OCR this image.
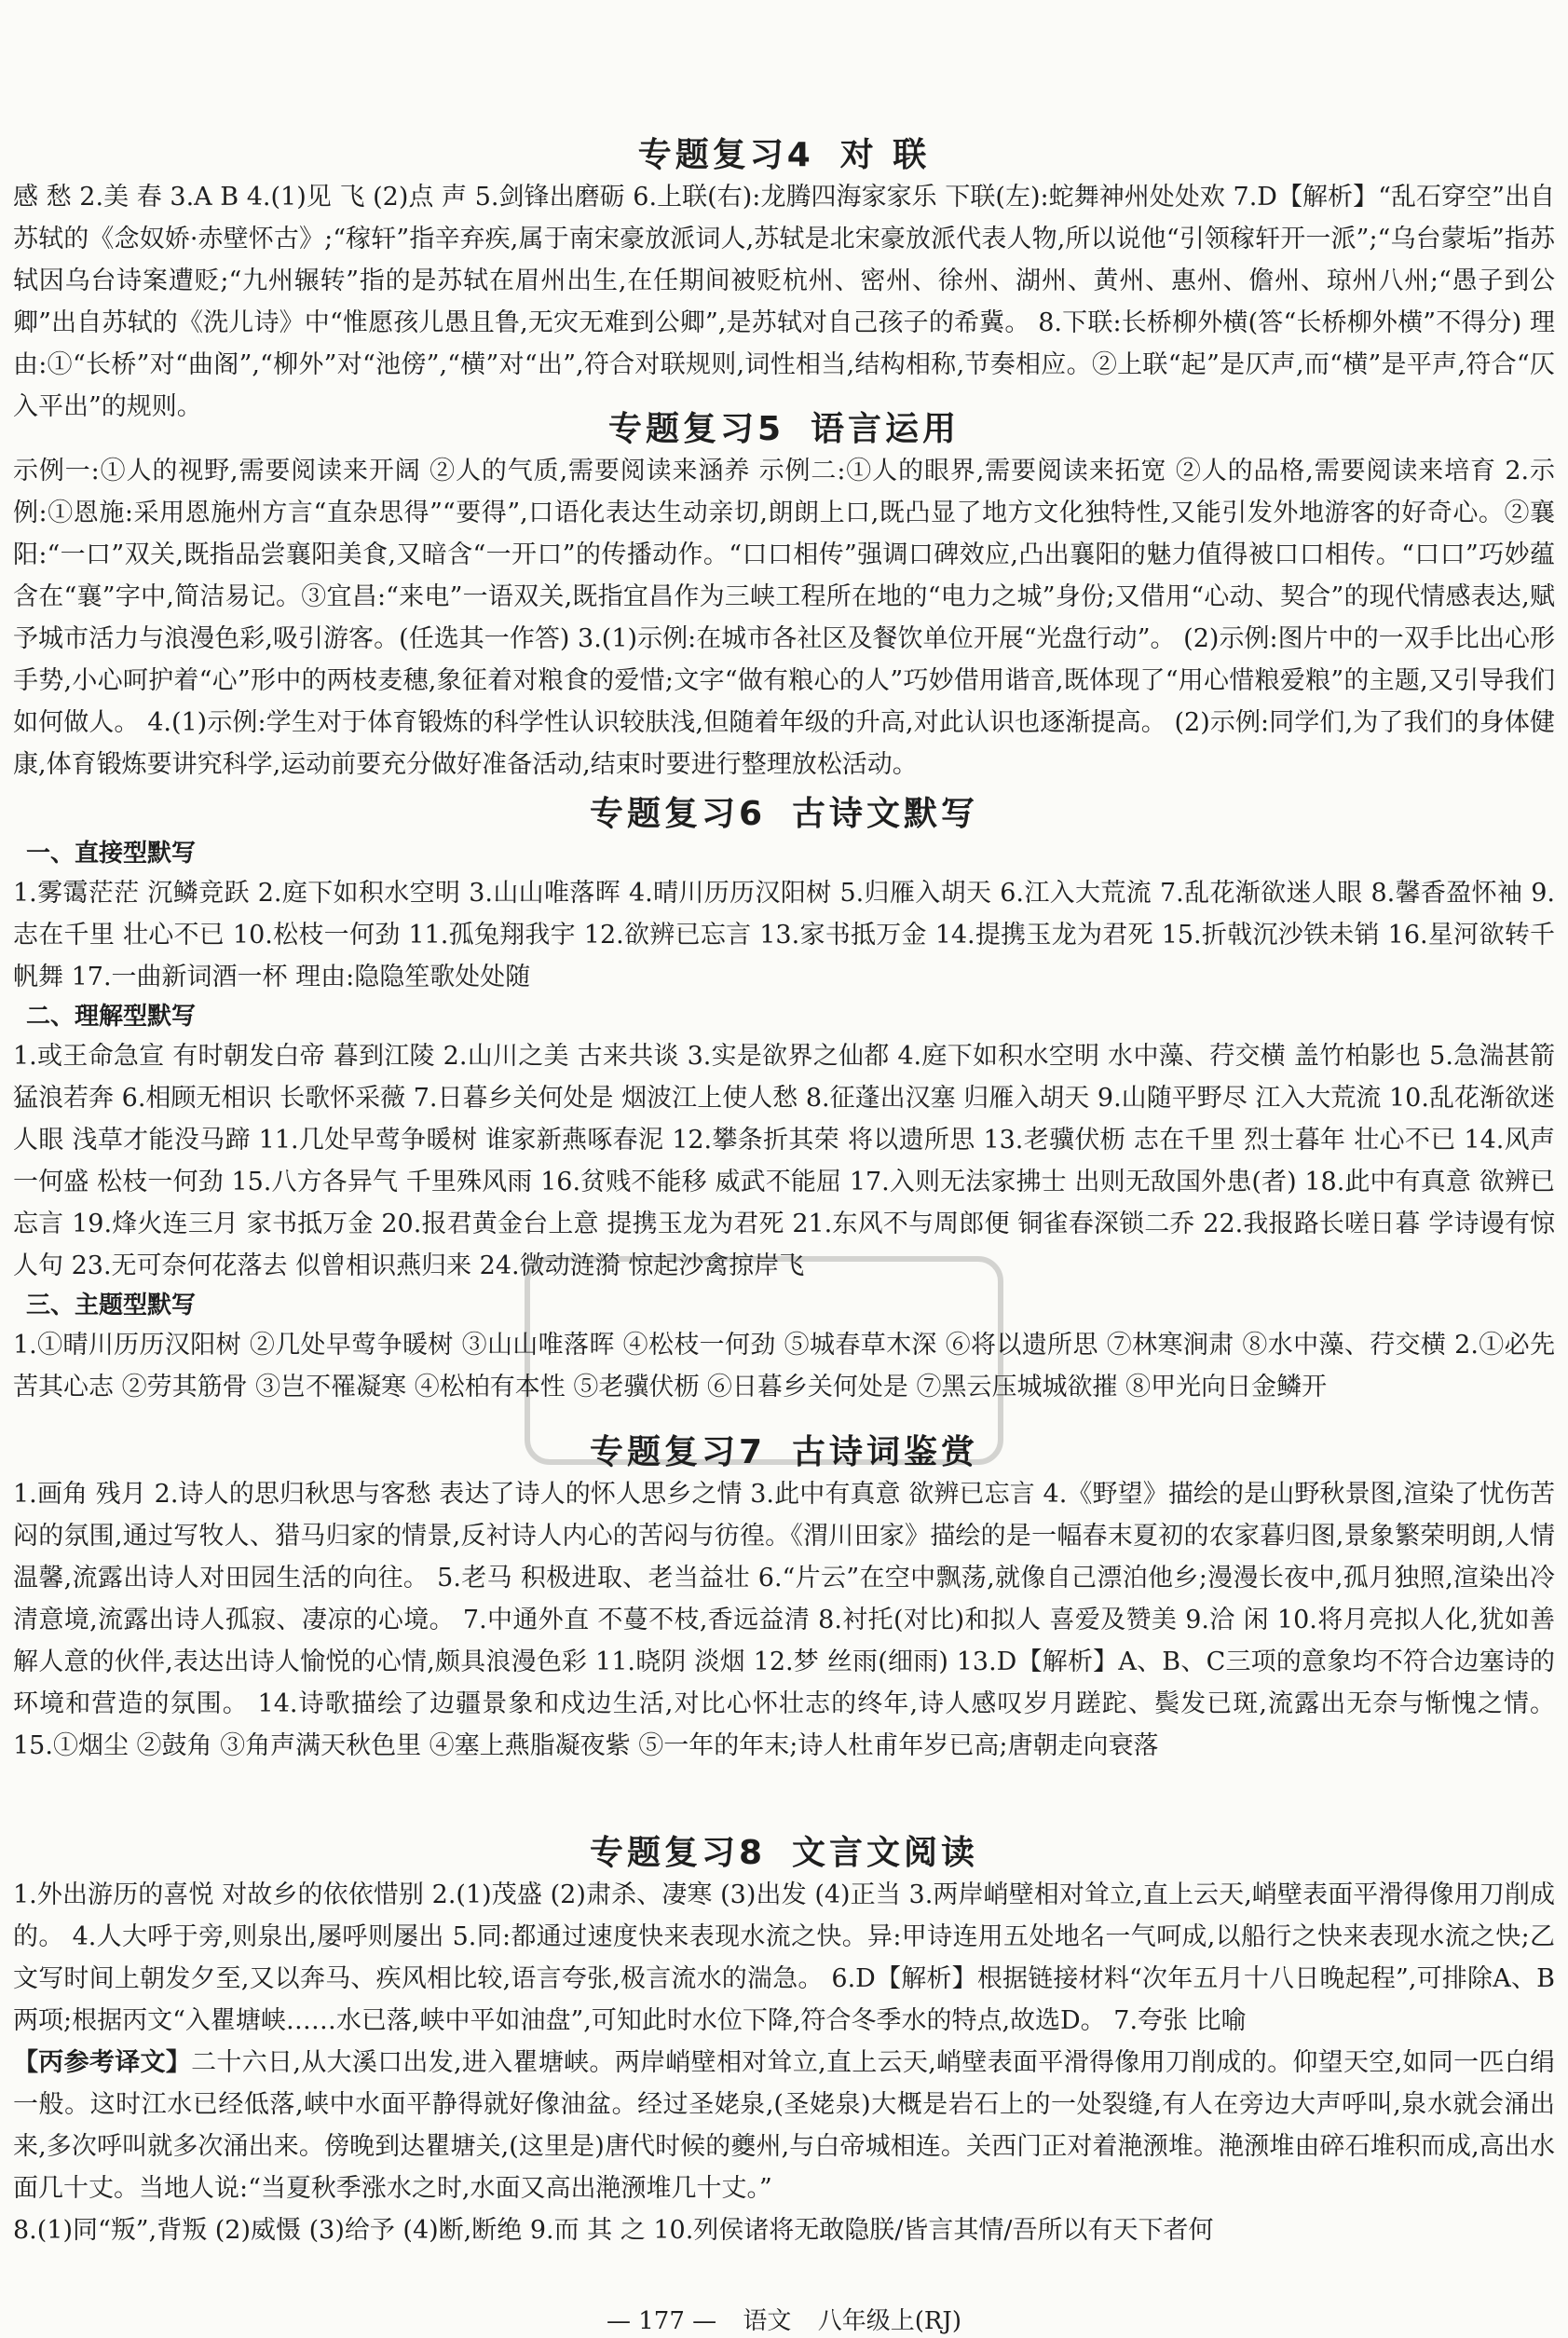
专题复习4 对 联

感 愁 2.美 春 3.A B 4.(1)见 飞 (2)点 声 5.剑锋出磨砺 6.上联(右):龙腾四海家家乐 下联(左):蛇舞神州处处欢 7.D【解析】“乱石穿空”出自苏轼的《念奴娇·赤壁怀古》;“稼轩”指辛弃疾,属于南宋豪放派词人,苏轼是北宋豪放派代表人物,所以说他“引领稼轩开一派”;“乌台蒙垢”指苏轼因乌台诗案遭贬;“九州辗转”指的是苏轼在眉州出生,在任期间被贬杭州、密州、徐州、湖州、黄州、惠州、儋州、琼州八州;“愚子到公卿”出自苏轼的《洗儿诗》中“惟愿孩儿愚且鲁,无灾无难到公卿”,是苏轼对自己孩子的希冀。 8.下联:长桥柳外横(答“长桥柳外横”不得分) 理由:①“长桥”对“曲阁”,“柳外”对“池傍”,“横”对“出”,符合对联规则,词性相当,结构相称,节奏相应。②上联“起”是仄声,而“横”是平声,符合“仄入平出”的规则。

专题复习5 语言运用

示例一:①人的视野,需要阅读来开阔 ②人的气质,需要阅读来涵养 示例二:①人的眼界,需要阅读来拓宽 ②人的品格,需要阅读来培育 2.示例:①恩施:采用恩施州方言“直杂思得”“要得”,口语化表达生动亲切,朗朗上口,既凸显了地方文化独特性,又能引发外地游客的好奇心。②襄阳:“一口”双关,既指品尝襄阳美食,又暗含“一开口”的传播动作。“口口相传”强调口碑效应,凸出襄阳的魅力值得被口口相传。“口口”巧妙蕴含在“襄”字中,简洁易记。③宜昌:“来电”一语双关,既指宜昌作为三峡工程所在地的“电力之城”身份;又借用“心动、契合”的现代情感表达,赋予城市活力与浪漫色彩,吸引游客。(任选其一作答) 3.(1)示例:在城市各社区及餐饮单位开展“光盘行动”。 (2)示例:图片中的一双手比出心形手势,小心呵护着“心”形中的两枝麦穗,象征着对粮食的爱惜;文字“做有粮心的人”巧妙借用谐音,既体现了“用心惜粮爱粮”的主题,又引导我们如何做人。 4.(1)示例:学生对于体育锻炼的科学性认识较肤浅,但随着年级的升高,对此认识也逐渐提高。 (2)示例:同学们,为了我们的身体健康,体育锻炼要讲究科学,运动前要充分做好准备活动,结束时要进行整理放松活动。

专题复习6 古诗文默写
一、直接型默写

1.雾霭茫茫 沉鳞竞跃 2.庭下如积水空明 3.山山唯落晖 4.晴川历历汉阳树 5.归雁入胡天 6.江入大荒流 7.乱花渐欲迷人眼 8.馨香盈怀袖 9.志在千里 壮心不已 10.松枝一何劲 11.孤兔翔我宇 12.欲辨已忘言 13.家书抵万金 14.提携玉龙为君死 15.折戟沉沙铁未销 16.星河欲转千帆舞 17.一曲新词酒一杯 理由:隐隐笙歌处处随

二、理解型默写

1.或王命急宣 有时朝发白帝 暮到江陵 2.山川之美 古来共谈 3.实是欲界之仙都 4.庭下如积水空明 水中藻、荇交横 盖竹柏影也 5.急湍甚箭 猛浪若奔 6.相顾无相识 长歌怀采薇 7.日暮乡关何处是 烟波江上使人愁 8.征蓬出汉塞 归雁入胡天 9.山随平野尽 江入大荒流 10.乱花渐欲迷人眼 浅草才能没马蹄 11.几处早莺争暖树 谁家新燕啄春泥 12.攀条折其荣 将以遗所思 13.老骥伏枥 志在千里 烈士暮年 壮心不已 14.风声一何盛 松枝一何劲 15.八方各异气 千里殊风雨 16.贫贱不能移 威武不能屈 17.入则无法家拂士 出则无敌国外患(者) 18.此中有真意 欲辨已忘言 19.烽火连三月 家书抵万金 20.报君黄金台上意 提携玉龙为君死 21.东风不与周郎便 铜雀春深锁二乔 22.我报路长嗟日暮 学诗谩有惊人句 23.无可奈何花落去 似曾相识燕归来 24.微动涟漪 惊起沙禽掠岸飞

三、主题型默写

1.①晴川历历汉阳树 ②几处早莺争暖树 ③山山唯落晖 ④松枝一何劲 ⑤城春草木深 ⑥将以遗所思 ⑦林寒涧肃 ⑧水中藻、荇交横 2.①必先苦其心志 ②劳其筋骨 ③岂不罹凝寒 ④松柏有本性 ⑤老骥伏枥 ⑥日暮乡关何处是 ⑦黑云压城城欲摧 ⑧甲光向日金鳞开

专题复习7 古诗词鉴赏

1.画角 残月 2.诗人的思归秋思与客愁 表达了诗人的怀人思乡之情 3.此中有真意 欲辨已忘言 4.《野望》描绘的是山野秋景图,渲染了忧伤苦闷的氛围,通过写牧人、猎马归家的情景,反衬诗人内心的苦闷与彷徨。《渭川田家》描绘的是一幅春末夏初的农家暮归图,景象繁荣明朗,人情温馨,流露出诗人对田园生活的向往。 5.老马 积极进取、老当益壮 6.“片云”在空中飘荡,就像自己漂泊他乡;漫漫长夜中,孤月独照,渲染出冷清意境,流露出诗人孤寂、凄凉的心境。 7.中通外直 不蔓不枝,香远益清 8.衬托(对比)和拟人 喜爱及赞美 9.洽 闲 10.将月亮拟人化,犹如善解人意的伙伴,表达出诗人愉悦的心情,颇具浪漫色彩 11.晓阴 淡烟 12.梦 丝雨(细雨) 13.D【解析】A、B、C三项的意象均不符合边塞诗的环境和营造的氛围。 14.诗歌描绘了边疆景象和戍边生活,对比心怀壮志的终年,诗人感叹岁月蹉跎、鬓发已斑,流露出无奈与惭愧之情。 15.①烟尘 ②鼓角 ③角声满天秋色里 ④塞上燕脂凝夜紫 ⑤一年的年末;诗人杜甫年岁已高;唐朝走向衰落

专题复习8 文言文阅读

1.外出游历的喜悦 对故乡的依依惜别 2.(1)茂盛 (2)肃杀、凄寒 (3)出发 (4)正当 3.两岸峭壁相对耸立,直上云天,峭壁表面平滑得像用刀削成的。 4.人大呼于旁,则泉出,屡呼则屡出 5.同:都通过速度快来表现水流之快。异:甲诗连用五处地名一气呵成,以船行之快来表现水流之快;乙文写时间上朝发夕至,又以奔马、疾风相比较,语言夸张,极言流水的湍急。 6.D【解析】根据链接材料“次年五月十八日晚起程”,可排除A、B两项;根据丙文“入瞿塘峡……水已落,峡中平如油盘”,可知此时水位下降,符合冬季水的特点,故选D。 7.夸张 比喻

【丙参考译文】二十六日,从大溪口出发,进入瞿塘峡。两岸峭壁相对耸立,直上云天,峭壁表面平滑得像用刀削成的。仰望天空,如同一匹白绢一般。这时江水已经低落,峡中水面平静得就好像油盆。经过圣姥泉,(圣姥泉)大概是岩石上的一处裂缝,有人在旁边大声呼叫,泉水就会涌出来,多次呼叫就多次涌出来。傍晚到达瞿塘关,(这里是)唐代时候的夔州,与白帝城相连。关西门正对着滟滪堆。滟滪堆由碎石堆积而成,高出水面几十丈。当地人说:“当夏秋季涨水之时,水面又高出滟滪堆几十丈。”

8.(1)同“叛”,背叛 (2)威慑 (3)给予 (4)断,断绝 9.而 其 之 10.列侯诸将无敢隐朕/皆言其情/吾所以有天下者何

— 177 — 语文 八年级上(RJ)
